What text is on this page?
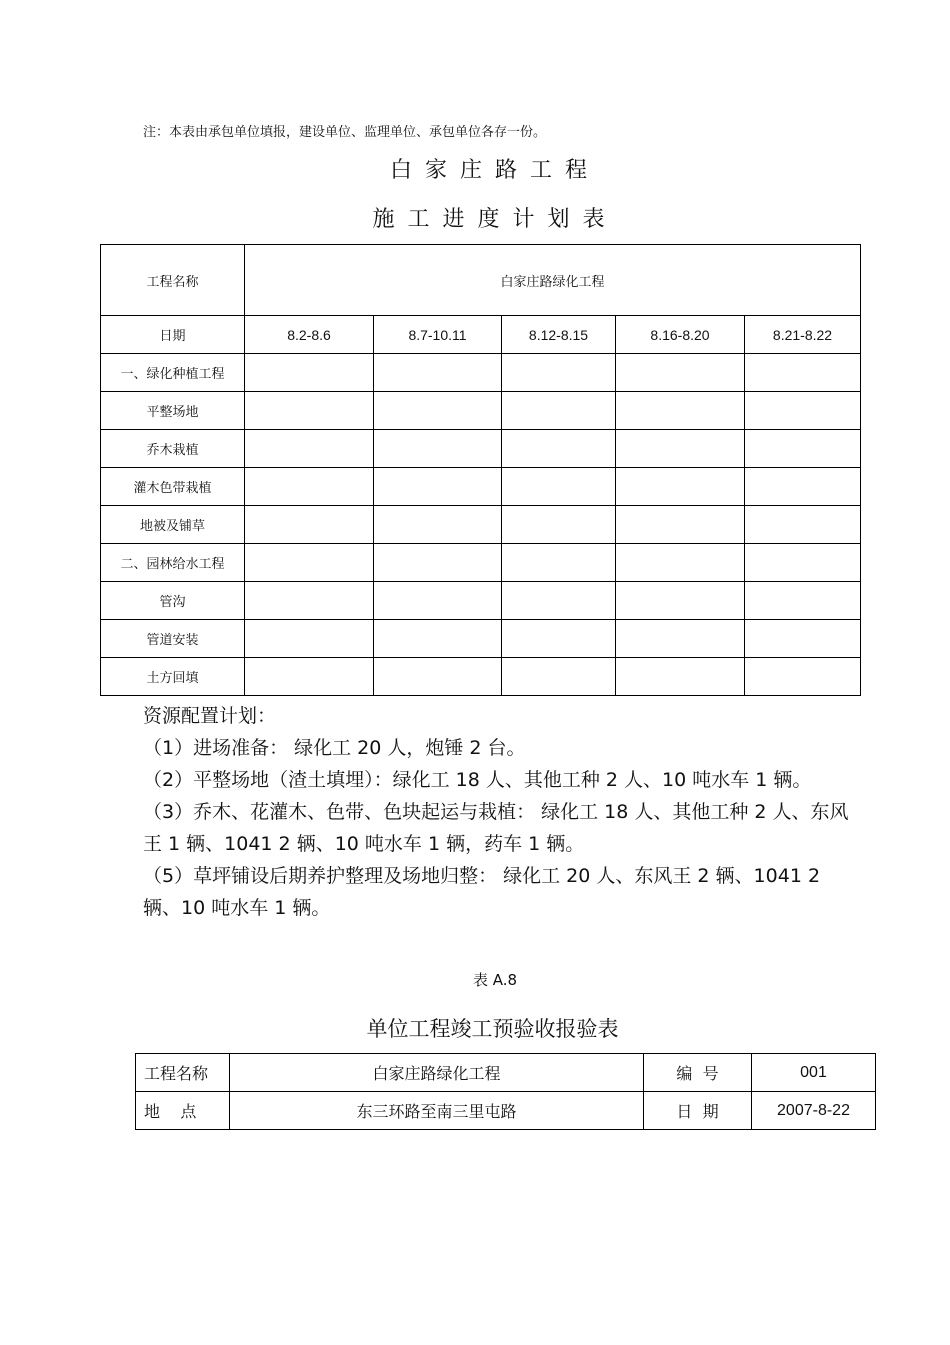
注：本表由承包单位填报，建设单位、监理单位、承包单位各存一份。
白家庄路工程
施工进度计划表
工程名称	白家庄路绿化工程				
日期	8.2-8.6	8.7-10.11	8.12-8.15	8.16-8.20	8.21-8.22
一、绿化种植工程					
平整场地					
乔木栽植					
灌木色带栽植					
地被及铺草					
二、园林给水工程					
管沟					
管道安装					
土方回填					

资源配置计划：

（1）进场准备： 绿化工 20 人，炮锤 2 台。

（2）平整场地（渣土填埋）：绿化工 18 人、其他工种 2 人、10 吨水车 1 辆。

（3）乔木、花灌木、色带、色块起运与栽植： 绿化工 18 人、其他工种 2 人、东风王 1 辆、1041 2 辆、10 吨水车 1 辆，药车 1 辆。

（5）草坪铺设后期养护整理及场地归整： 绿化工 20 人、东风王 2 辆、1041 2 辆、10 吨水车 1 辆。

表 A.8
单位工程竣工预验收报验表
工程名称	白家庄路绿化工程	编  号	001
地    点	东三环路至南三里屯路	日  期	2007-8-22
